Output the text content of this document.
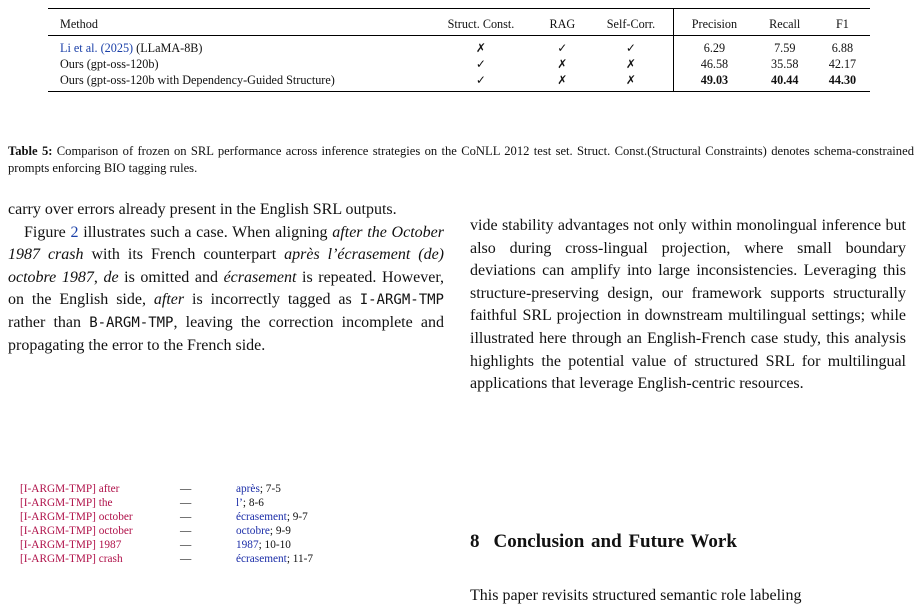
Method	Struct. Const.	RAG	Self-Corr.	Precision	Recall	F1
Li et al. (2025) (LLaMA-8B)	✗	✓	✓	6.29	7.59	6.88
Ours (gpt-oss-120b)	✓	✗	✗	46.58	35.58	42.17
Ours (gpt-oss-120b with Dependency-Guided Structure)	✓	✗	✗	49.03	40.44	44.30
Table 5: Comparison of frozen on SRL performance across inference strategies on the CoNLL 2012 test set. Struct. Const.(Structural Constraints) denotes schema-constrained prompts enforcing BIO tagging rules.

carry over errors already present in the English SRL outputs.

Figure 2 illustrates such a case. When aligning after the October 1987 crash with its French counterpart après l’écrasement (de) octobre 1987, de is omitted and écrasement is repeated. However, on the English side, after is incorrectly tagged as I-ARGM-TMP rather than B-ARGM-TMP, leaving the correction incomplete and propagating the error to the French side.

[I-ARGM-TMP] after	—	après ; 7-5
[I-ARGM-TMP] the	—	l’ ; 8-6
[I-ARGM-TMP] october	—	écrasement ; 9-7
[I-ARGM-TMP] october	—	octobre ; 9-9
[I-ARGM-TMP] 1987	—	1987 ; 10-10
[I-ARGM-TMP] crash	—	écrasement ; 11-7

vide stability advantages not only within monolingual inference but also during cross-lingual projection, where small boundary deviations can amplify into large inconsistencies. Leveraging this structure-preserving design, our framework supports structurally faithful SRL projection in downstream multilingual settings; while illustrated here through an English-French case study, this analysis highlights the potential value of structured SRL for multilingual applications that leverage English-centric resources.

8 Conclusion and Future Work
This paper revisits structured semantic role labeling
